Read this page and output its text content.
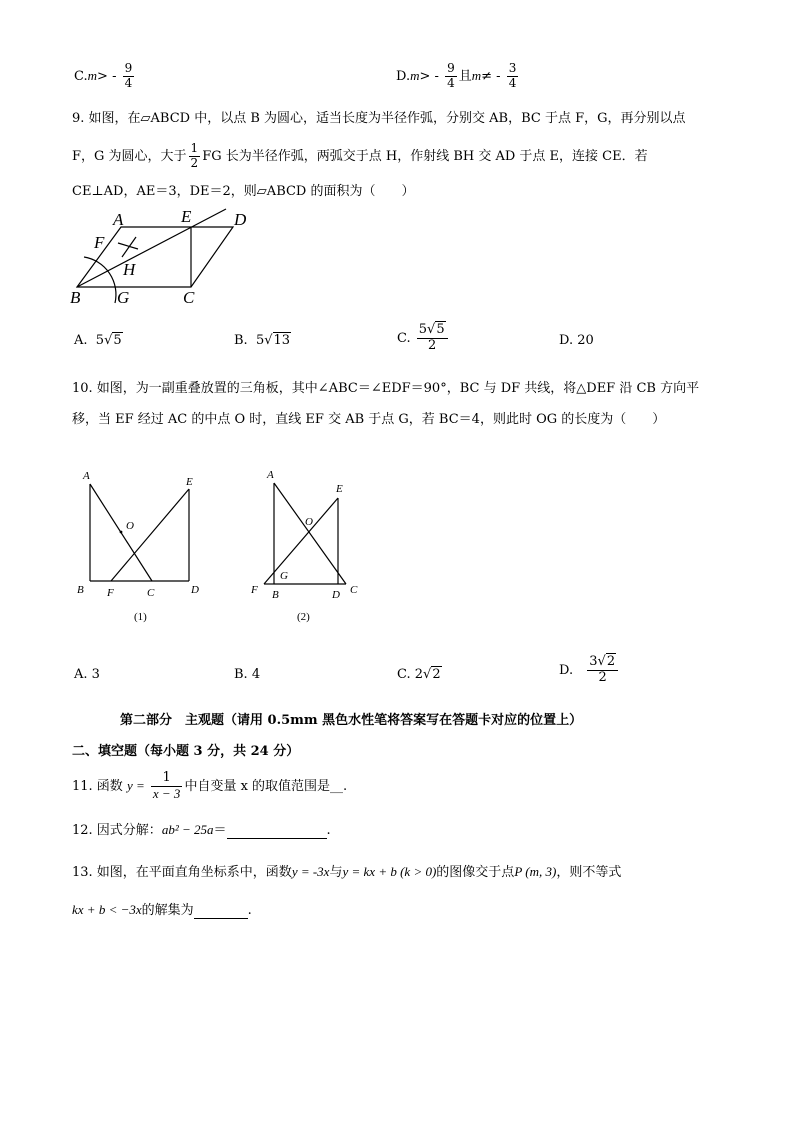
$C.m> - \frac{9}{4}$	$D.m> - \frac{9}{4}$ 且$m\ne - \frac{3}{4}$
9. 如图，在▱ABCD 中，以点 B 为圆心，适当长度为半径作弧，分别交 AB，BC 于点 F，G，再分别以点
F，G 为圆心，大于 $\frac{1}{2}$ FG 长为半径作弧，两弧交于点 H，作射线 BH 交 AD 于点 E，连接 CE．若
CE⊥AD，AE＝3，DE＝2，则▱ABCD 的面积为（　　）
A	E	D
F
H
B G	C
A. 5√5	B. 5√13	C. $\frac{5√5}{2}$	D. 20
10. 如图，为一副重叠放置的三角板，其中∠ABC＝∠EDF＝90°，BC 与 DF 共线，将△DEF 沿 CB 方向平
移，当 EF 经过 AC 的中点 O 时，直线 EF 交 AB 于点 G，若 BC＝4，则此时 OG 的长度为（　　）
A	E
O
B F	C	D
(1)
A
E
O
G
F B	D C
(2)
A. 3	B. 4	C. 2√2	D. $\frac{3√2}{2}$
第二部分　主观题（请用 0.5mm 黑色水性笔将答案写在答题卡对应的位置上）
二、填空题（每小题 3 分，共 24 分）
11. 函数 $y = \frac{1}{x - 3}$ 中自变量 x 的取值范围是__.
12. 因式分解：ab² − 25a＝	.
13. 如图，在平面直角坐标系中，函数y = -3x与y = kx + b (k > 0)的图像交于点P (m, 3)，则不等式
kx + b < −3x的解集为	.
